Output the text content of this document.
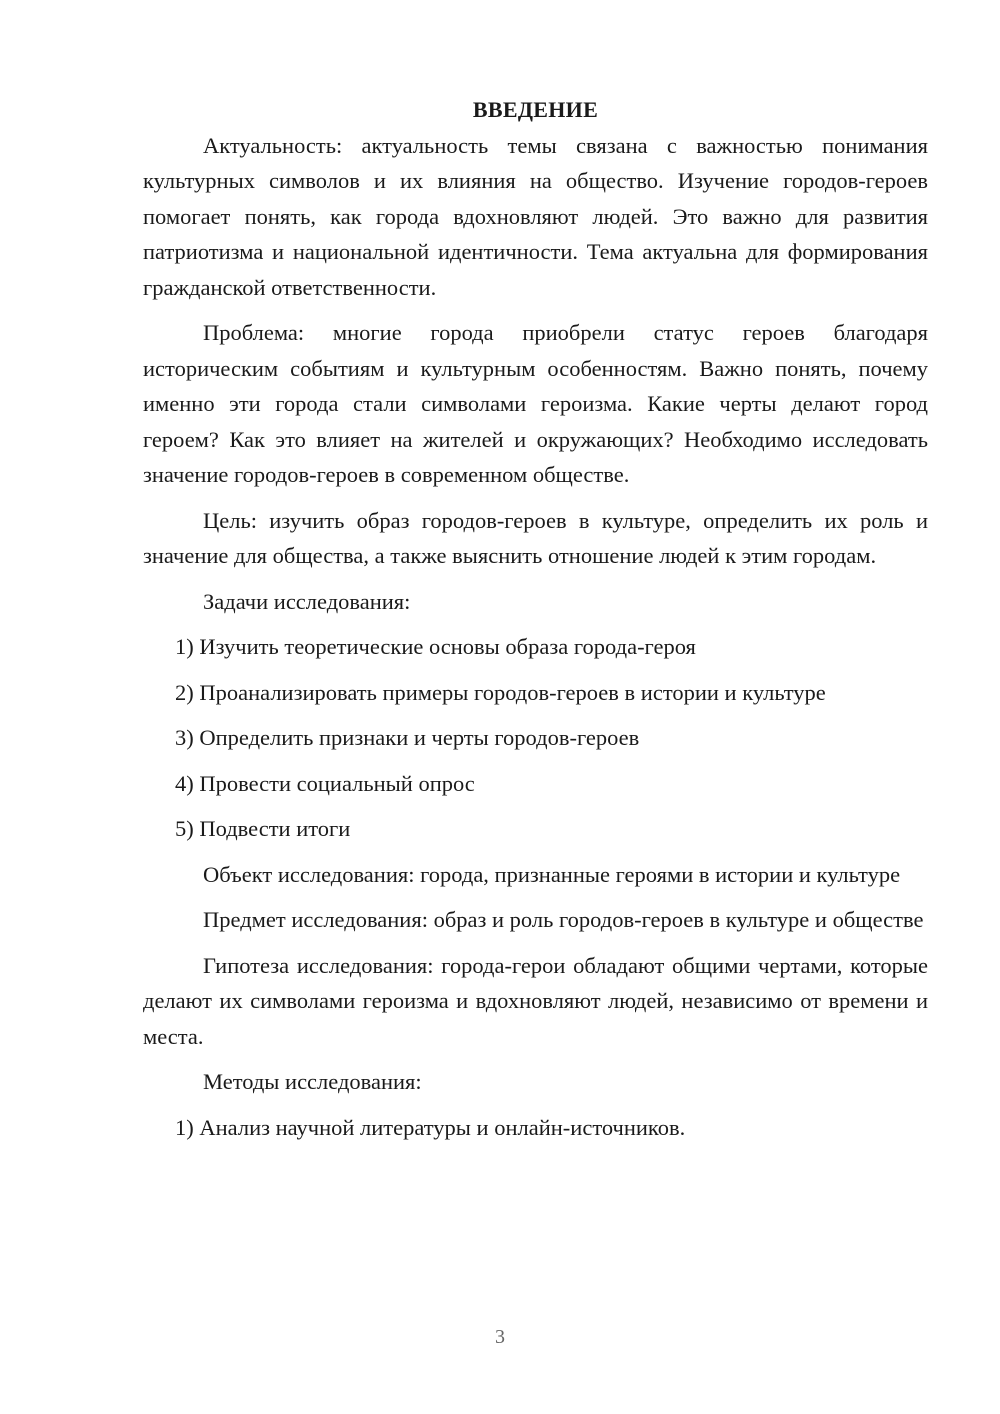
ВВЕДЕНИЕ

Актуальность: актуальность темы связана с важностью понимания культурных символов и их влияния на общество. Изучение городов-героев помогает понять, как города вдохновляют людей. Это важно для развития патриотизма и национальной идентичности. Тема актуальна для формирования гражданской ответственности.

Проблема: многие города приобрели статус героев благодаря историческим событиям и культурным особенностям. Важно понять, почему именно эти города стали символами героизма. Какие черты делают город героем? Как это влияет на жителей и окружающих? Необходимо исследовать значение городов-героев в современном обществе.

Цель: изучить образ городов-героев в культуре, определить их роль и значение для общества, а также выяснить отношение людей к этим городам.

Задачи исследования:

1) Изучить теоретические основы образа города-героя

2) Проанализировать примеры городов-героев в истории и культуре

3) Определить признаки и черты городов-героев

4) Провести социальный опрос

5) Подвести итоги

Объект исследования: города, признанные героями в истории и культуре

Предмет исследования: образ и роль городов-героев в культуре и обществе

Гипотеза исследования: города-герои обладают общими чертами, которые делают их символами героизма и вдохновляют людей, независимо от времени и места.

Методы исследования:

1) Анализ научной литературы и онлайн-источников.

3
